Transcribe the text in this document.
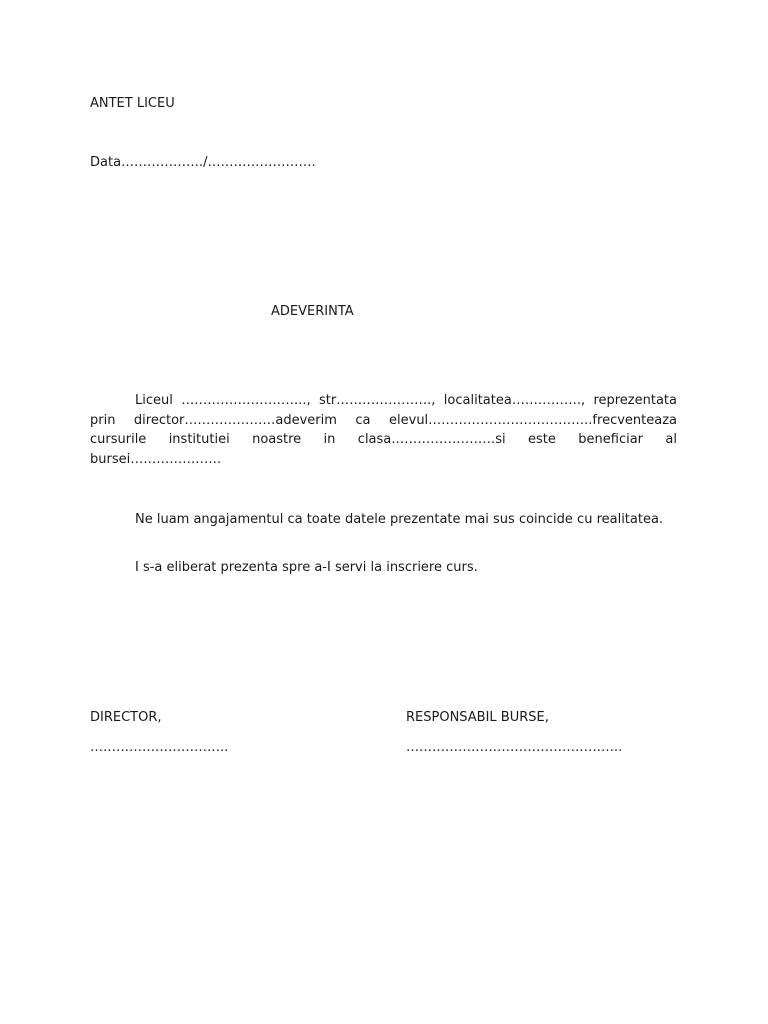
ANTET LICEU
Data………………./…………………….
ADEVERINTA
Liceul ……………………….., str…………………., localitatea……………., reprezentata prin director…………………adeverim ca elevul………………………………..frecventeaza cursurile institutiei noastre in clasa……………………si este beneficiar al bursei…………………
Ne luam angajamentul ca toate datele prezentate mai sus coincide cu realitatea.
I s-a eliberat prezenta spre a-I servi la inscriere curs.
DIRECTOR,
…………………………..
RESPONSABIL BURSE,
…………………………………………..
